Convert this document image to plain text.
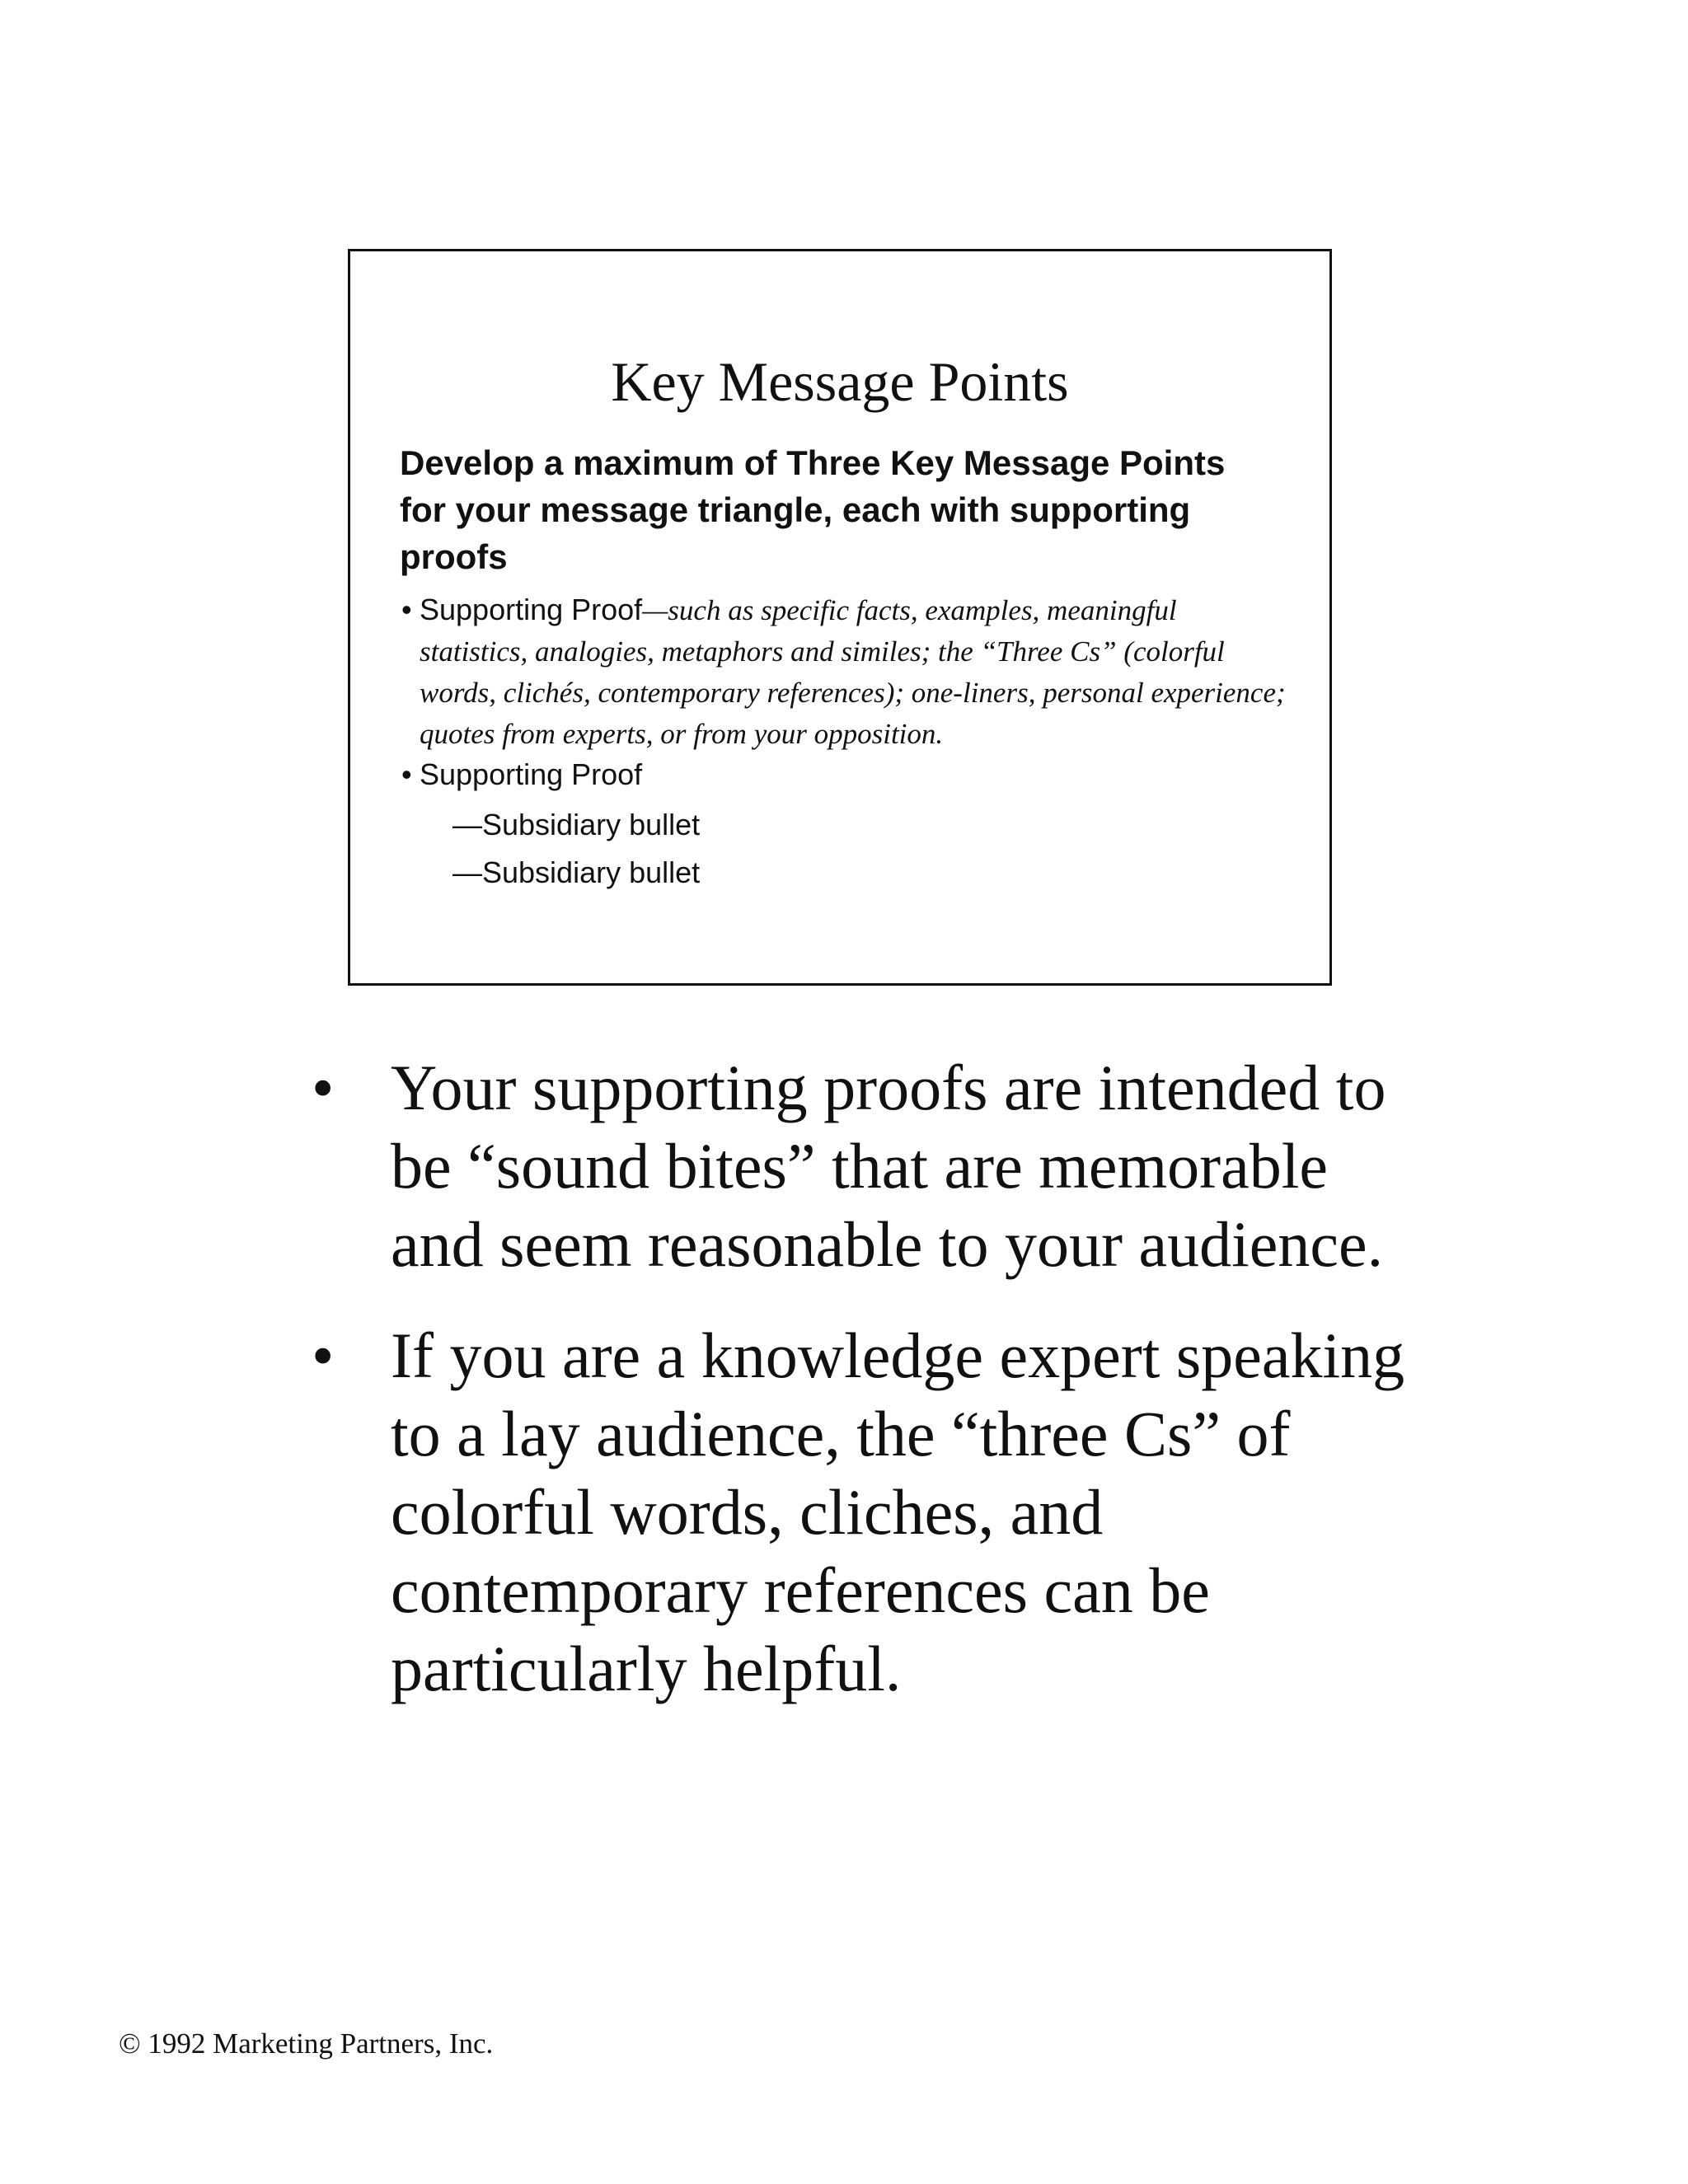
Key Message Points

Develop a maximum of Three Key Message Points for your message triangle, each with supporting proofs

• Supporting Proof—such as specific facts, examples, meaningful statistics, analogies, metaphors and similes; the “Three Cs” (colorful words, clichés, contemporary references); one-liners, personal experience; quotes from experts, or from your opposition.
• Supporting Proof
—Subsidiary bullet
—Subsidiary bullet
• Your supporting proofs are intended to be “sound bites” that are memorable and seem reasonable to your audience.
• If you are a knowledge expert speaking to a lay audience, the “three Cs” of colorful words, cliches, and contemporary references can be particularly helpful.
© 1992 Marketing Partners, Inc.
